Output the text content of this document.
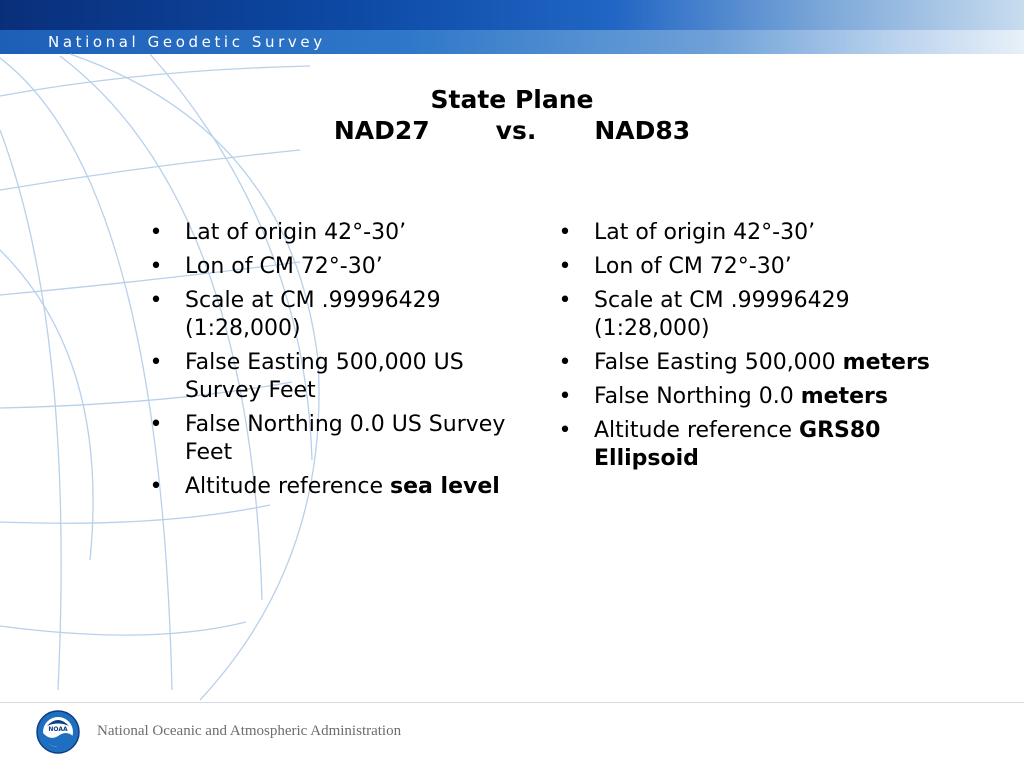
National Geodetic Survey
State Plane
NAD27	vs. NAD83
• Lat of origin 42°-30’
• Lon of CM 72°-30’
• Scale at CM .99996429 (1:28,000)
• False Easting 500,000 US Survey Feet
• False Northing 0.0 US Survey Feet
• Altitude reference sea level
• Lat of origin 42°-30’
• Lon of CM 72°-30’
• Scale at CM .99996429 (1:28,000)
• False Easting 500,000 meters
• False Northing 0.0 meters
• Altitude reference GRS80 Ellipsoid
NOAA National Oceanic and Atmospheric Administration
